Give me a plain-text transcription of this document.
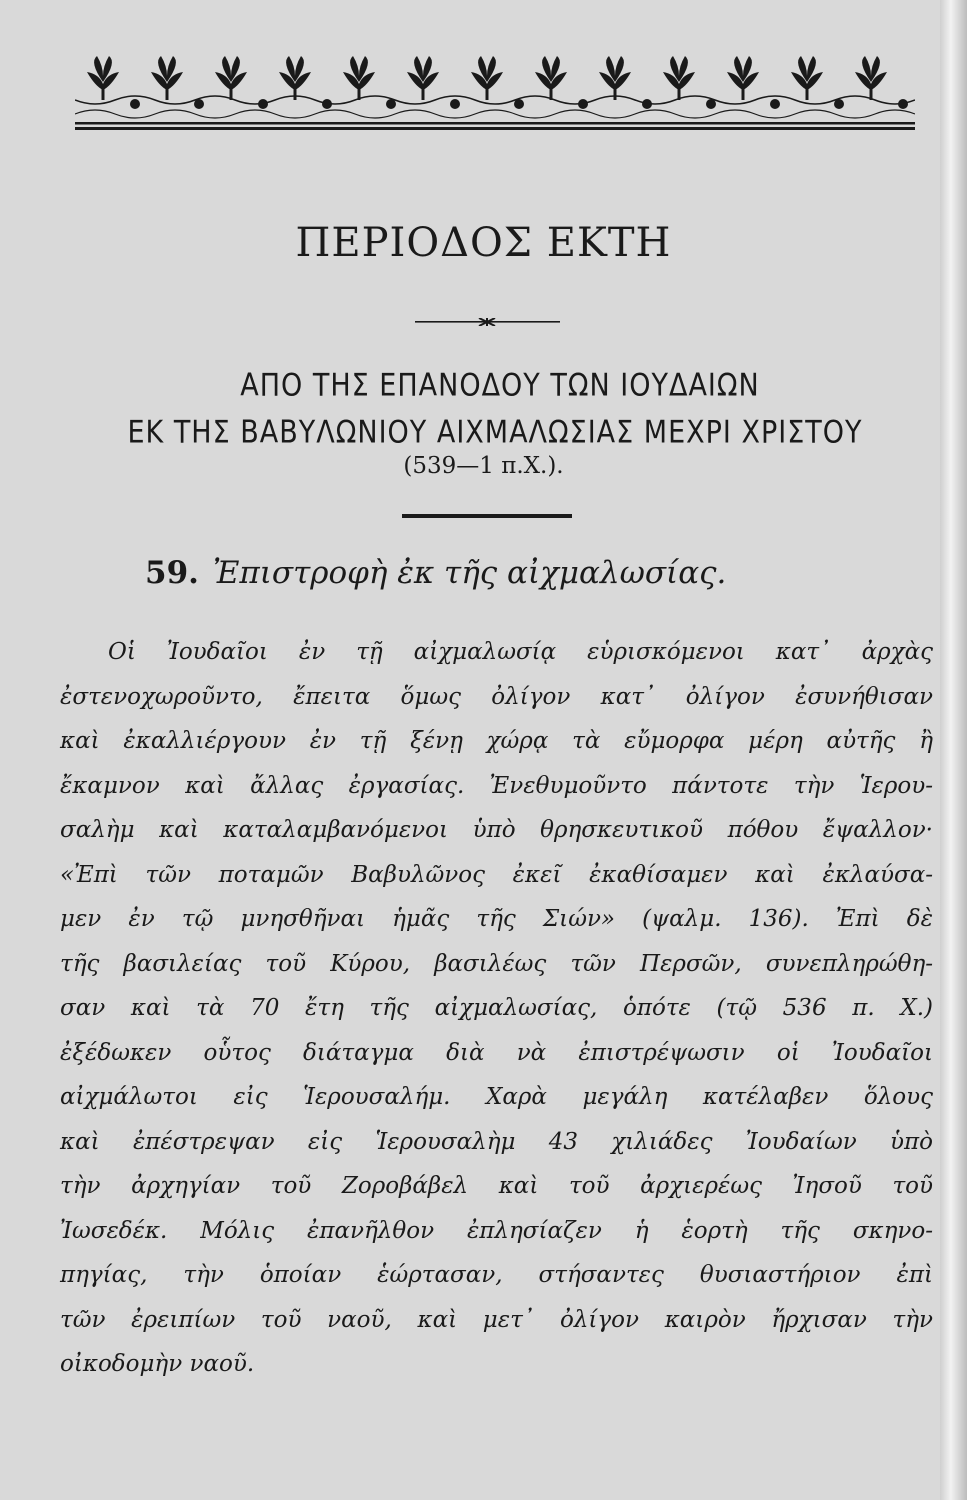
ΠΕΡΙΟΔΟΣ ΕΚΤΗ
ΑΠΟ ΤΗΣ ΕΠΑΝΟΔΟΥ ΤΩΝ ΙΟΥΔΑΙΩΝ
ΕΚ ΤΗΣ ΒΑΒΥΛΩΝΙΟΥ ΑΙΧΜΑΛΩΣΙΑΣ ΜΕΧΡΙ ΧΡΙΣΤΟΥ
(539—1 π.Χ.).
59. Ἐπιστροφὴ ἐκ τῆς αἰχμαλωσίας.
Οἱ Ἰουδαῖοι ἐν τῇ αἰχμαλωσίᾳ εὑρισκόμενοι κατ᾽ ἀρχὰς
ἐστενοχωροῦντο, ἔπειτα ὅμως ὀλίγον κατ᾽ ὀλίγον ἐσυνήθισαν
καὶ ἐκαλλιέργουν ἐν τῇ ξένῃ χώρᾳ τὰ εὔμορφα μέρη αὐτῆς ἢ
ἔκαμνον καὶ ἄλλας ἐργασίας. Ἐνεθυμοῦντο πάντοτε τὴν Ἱερου-
σαλὴμ καὶ καταλαμβανόμενοι ὑπὸ θρησκευτικοῦ πόθου ἔψαλλον·
«Ἐπὶ τῶν ποταμῶν Βαβυλῶνος ἐκεῖ ἐκαθίσαμεν καὶ ἐκλαύσα-
μεν ἐν τῷ μνησθῆναι ἡμᾶς τῆς Σιών» (ψαλμ. 136). Ἐπὶ δὲ
τῆς βασιλείας τοῦ Κύρου, βασιλέως τῶν Περσῶν, συνεπληρώθη-
σαν καὶ τὰ 70 ἔτη τῆς αἰχμαλωσίας, ὁπότε (τῷ 536 π. Χ.)
ἐξέδωκεν οὗτος διάταγμα διὰ νὰ ἐπιστρέψωσιν οἱ Ἰουδαῖοι
αἰχμάλωτοι εἰς Ἱερουσαλήμ. Χαρὰ μεγάλη κατέλαβεν ὅλους
καὶ ἐπέστρεψαν εἰς Ἱερουσαλὴμ 43 χιλιάδες Ἰουδαίων ὑπὸ
τὴν ἀρχηγίαν τοῦ Ζοροβάβελ καὶ τοῦ ἀρχιερέως Ἰησοῦ τοῦ
Ἰωσεδέκ. Μόλις ἐπανῆλθον ἐπλησίαζεν ἡ ἑορτὴ τῆς σκηνο-
πηγίας, τὴν ὁποίαν ἑώρτασαν, στήσαντες θυσιαστήριον ἐπὶ
τῶν ἐρειπίων τοῦ ναοῦ, καὶ μετ᾽ ὀλίγον καιρὸν ἤρχισαν τὴν
οἰκοδομὴν ναοῦ.
